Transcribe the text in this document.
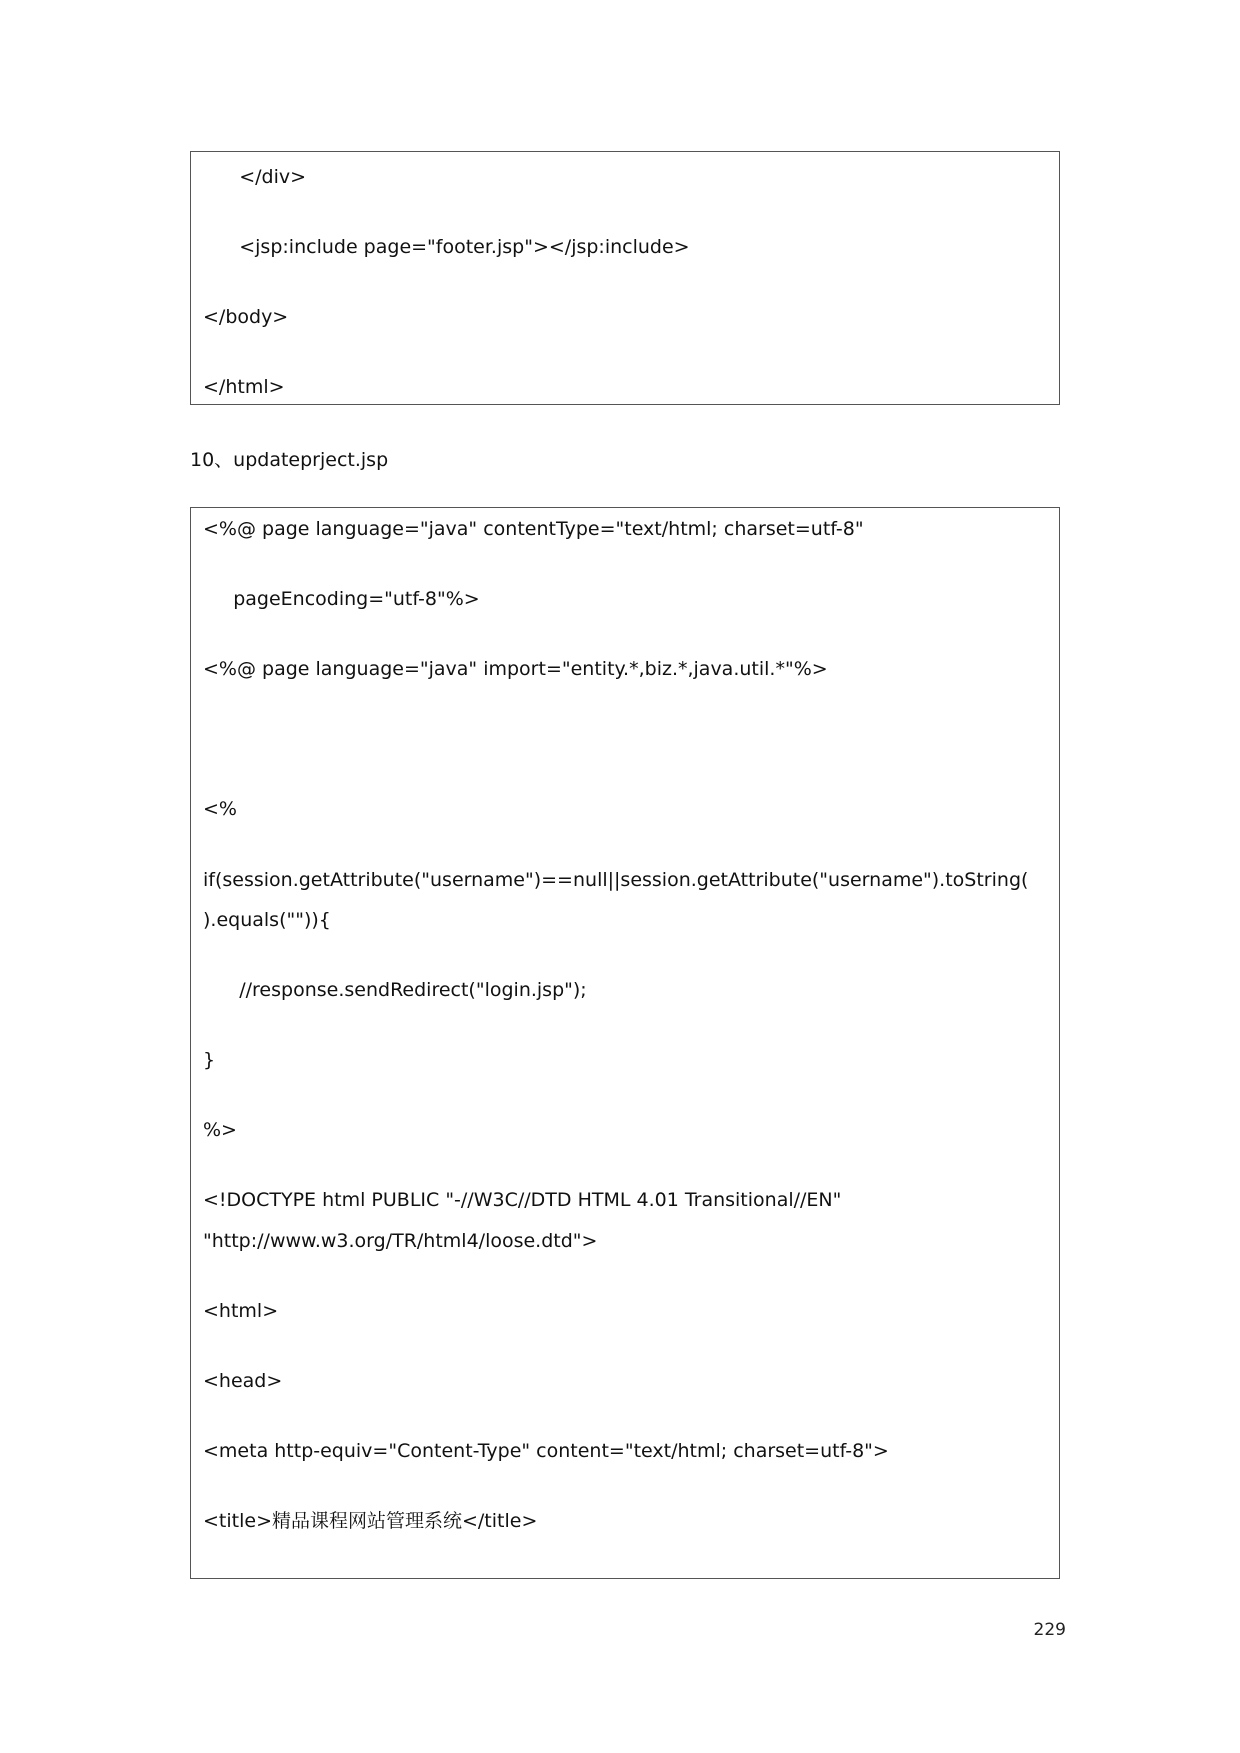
</div>

<jsp:include page="footer.jsp"></jsp:include>

</body>

</html>

10、updateprject.jsp

<%@ page language="java" contentType="text/html; charset=utf-8"

pageEncoding="utf-8"%>

<%@ page language="java" import="entity.*,biz.*,java.util.*"%>

<%

if(session.getAttribute("username")==null||session.getAttribute("username").toString(

).equals("")){

//response.sendRedirect("login.jsp");

}

%>

<!DOCTYPE html PUBLIC "-//W3C//DTD HTML 4.01 Transitional//EN"

"http://www.w3.org/TR/html4/loose.dtd">

<html>

<head>

<meta http-equiv="Content-Type" content="text/html; charset=utf-8">

<title>精品课程网站管理系统</title>

229
